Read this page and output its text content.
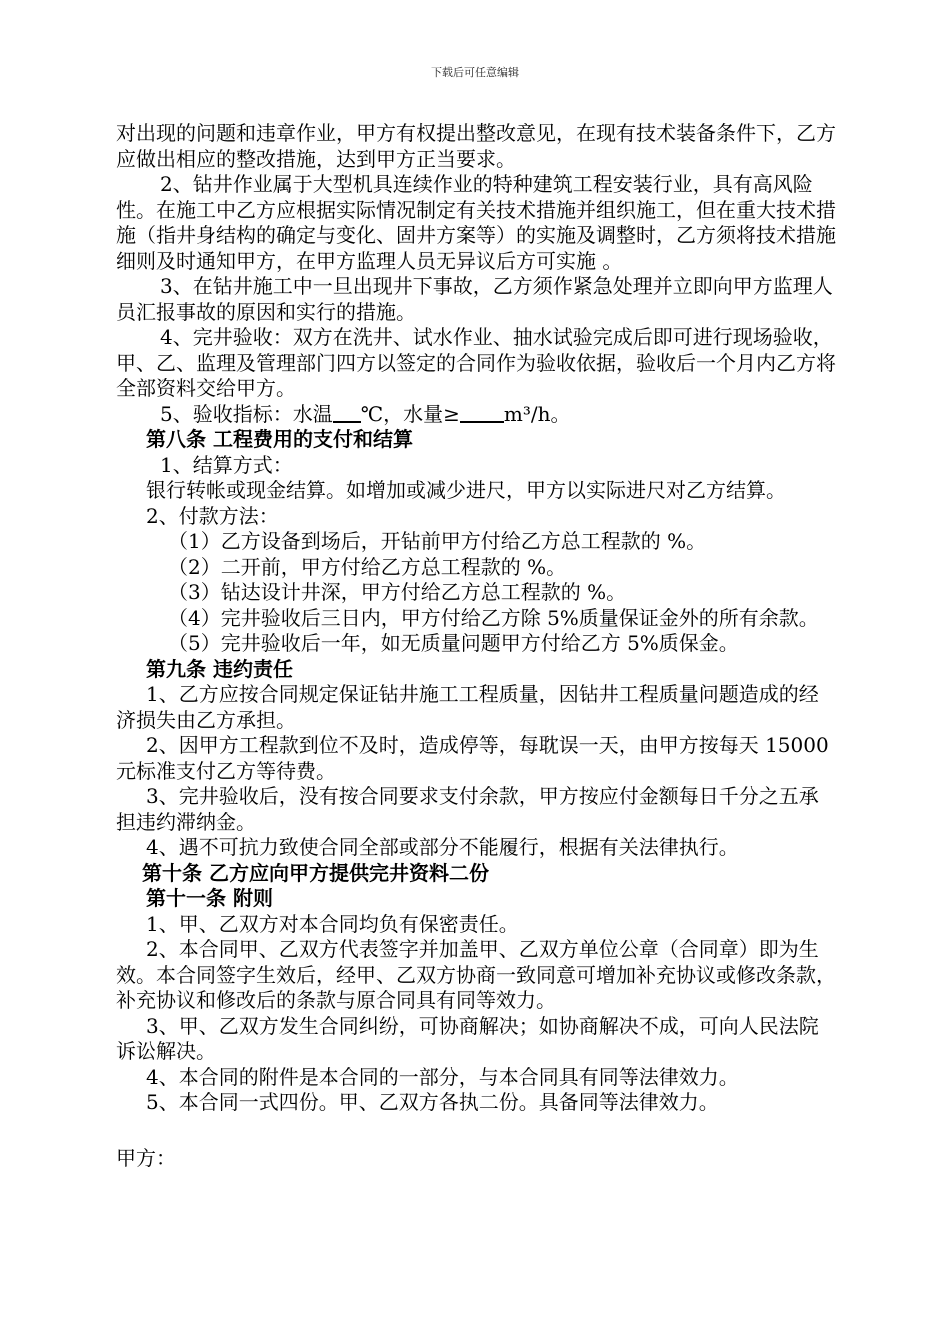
下载后可任意编辑

对出现的问题和违章作业，甲方有权提出整改意见，在现有技术装备条件下，乙方应做出相应的整改措施，达到甲方正当要求。

2、钻井作业属于大型机具连续作业的特种建筑工程安装行业，具有高风险性。在施工中乙方应根据实际情况制定有关技术措施并组织施工，但在重大技术措施（指井身结构的确定与变化、固井方案等）的实施及调整时，乙方须将技术措施细则及时通知甲方，在甲方监理人员无异议后方可实施 。

3、在钻井施工中一旦出现井下事故，乙方须作紧急处理并立即向甲方监理人员汇报事故的原因和实行的措施。

4、完井验收：双方在洗井、试水作业、抽水试验完成后即可进行现场验收，甲、乙、监理及管理部门四方以签定的合同作为验收依据，验收后一个月内乙方将全部资料交给甲方。

5、验收指标：水温 ℃，水量≥ m³/h。

第八条 工程费用的支付和结算

1、结算方式：

银行转帐或现金结算。如增加或减少进尺，甲方以实际进尺对乙方结算。

2、付款方法：

（1）乙方设备到场后，开钻前甲方付给乙方总工程款的 %。

（2）二开前，甲方付给乙方总工程款的 %。

（3）钻达设计井深，甲方付给乙方总工程款的 %。

（4）完井验收后三日内，甲方付给乙方除 5%质量保证金外的所有余款。

（5）完井验收后一年，如无质量问题甲方付给乙方 5%质保金。

第九条 违约责任

1、乙方应按合同规定保证钻井施工工程质量，因钻井工程质量问题造成的经济损失由乙方承担。

2、因甲方工程款到位不及时，造成停等，每耽误一天，由甲方按每天 15000 元标准支付乙方等待费。

3、完井验收后，没有按合同要求支付余款，甲方按应付金额每日千分之五承担违约滞纳金。

4、遇不可抗力致使合同全部或部分不能履行，根据有关法律执行。

第十条 乙方应向甲方提供完井资料二份

第十一条 附则

1、甲、乙双方对本合同均负有保密责任。

2、本合同甲、乙双方代表签字并加盖甲、乙双方单位公章（合同章）即为生效。本合同签字生效后，经甲、乙双方协商一致同意可增加补充协议或修改条款，补充协议和修改后的条款与原合同具有同等效力。

3、甲、乙双方发生合同纠纷，可协商解决；如协商解决不成，可向人民法院诉讼解决。

4、本合同的附件是本合同的一部分，与本合同具有同等法律效力。

5、本合同一式四份。甲、乙双方各执二份。具备同等法律效力。

甲方：
